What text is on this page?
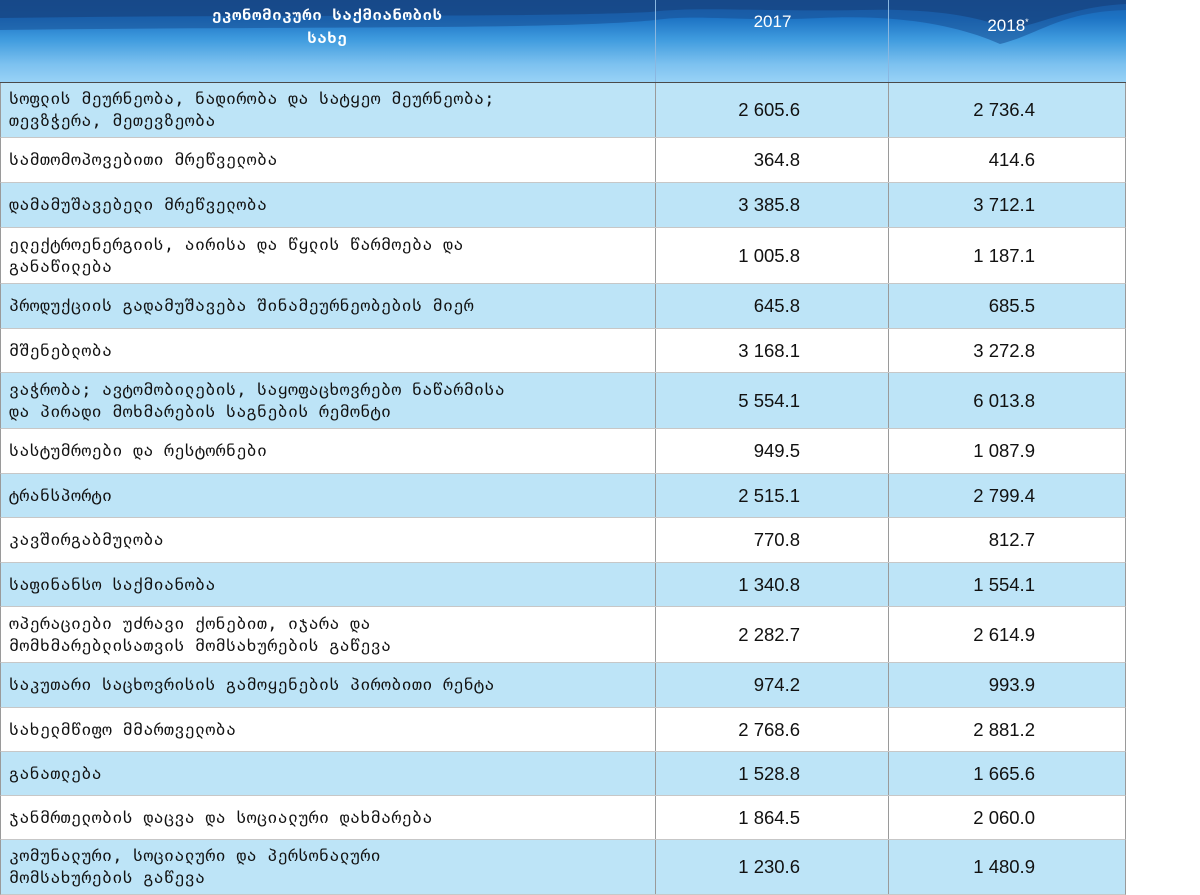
ეკონომიკური საქმიანობის
სახე
2017	2018*
სოფლის მეურნეობა, ნადირობა და სატყეო მეურნეობა;
თევზჭერა, მეთევზეობა
2 605.6	2 736.4
სამთომოპოვებითი მრეწველობა	364.8	414.6
დამამუშავებელი მრეწველობა	3 385.8	3 712.1
ელექტროენერგიის, აირისა და წყლის წარმოება და
განაწილება
1 005.8	1 187.1
პროდუქციის გადამუშავება შინამეურნეობების მიერ	645.8	685.5
მშენებლობა	3 168.1	3 272.8
ვაჭრობა; ავტომობილების, საყოფაცხოვრებო ნაწარმისა
და პირადი მოხმარების საგნების რემონტი
5 554.1	6 013.8
სასტუმროები და რესტორნები	949.5	1 087.9
ტრანსპორტი	2 515.1	2 799.4
კავშირგაბმულობა	770.8	812.7
საფინანსო საქმიანობა	1 340.8	1 554.1
ოპერაციები უძრავი ქონებით, იჯარა და
მომხმარებლისათვის მომსახურების გაწევა
2 282.7	2 614.9
საკუთარი საცხოვრისის გამოყენების პირობითი რენტა	974.2	993.9
სახელმწიფო მმართველობა	2 768.6	2 881.2
განათლება	1 528.8	1 665.6
ჯანმრთელობის დაცვა და სოციალური დახმარება	1 864.5	2 060.0
კომუნალური, სოციალური და პერსონალური
მომსახურების გაწევა
1 230.6	1 480.9
